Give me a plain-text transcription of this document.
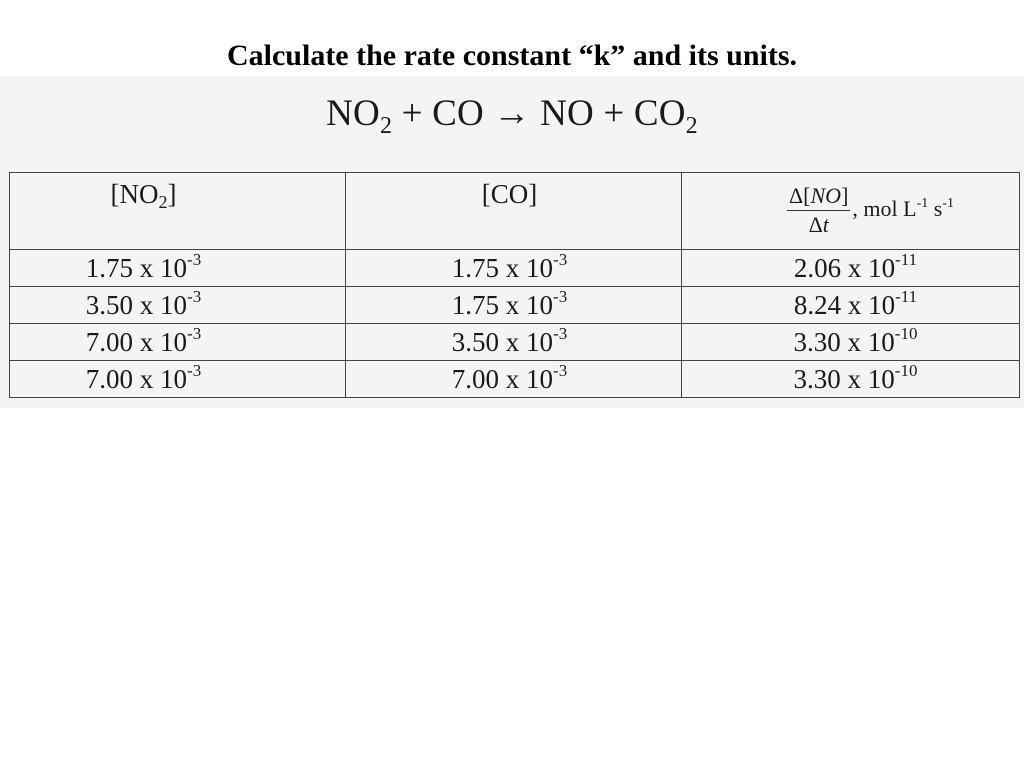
Calculate the rate constant “k” and its units.
$NO_2$ + CO → NO + $CO_2$
$[NO_2]$	[CO]	$\frac{\Delta[NO]}{\Delta t}$ , mol $L^{-1}$ $s^{-1}$

1.75 x $10^{-3}$	1.75 x $10^{-3}$	2.06 x $10^{-11}$
3.50 x $10^{-3}$	1.75 x $10^{-3}$	8.24 x $10^{-11}$
7.00 x $10^{-3}$	3.50 x $10^{-3}$	3.30 x $10^{-10}$
7.00 x $10^{-3}$	7.00 x $10^{-3}$	3.30 x $10^{-10}$
